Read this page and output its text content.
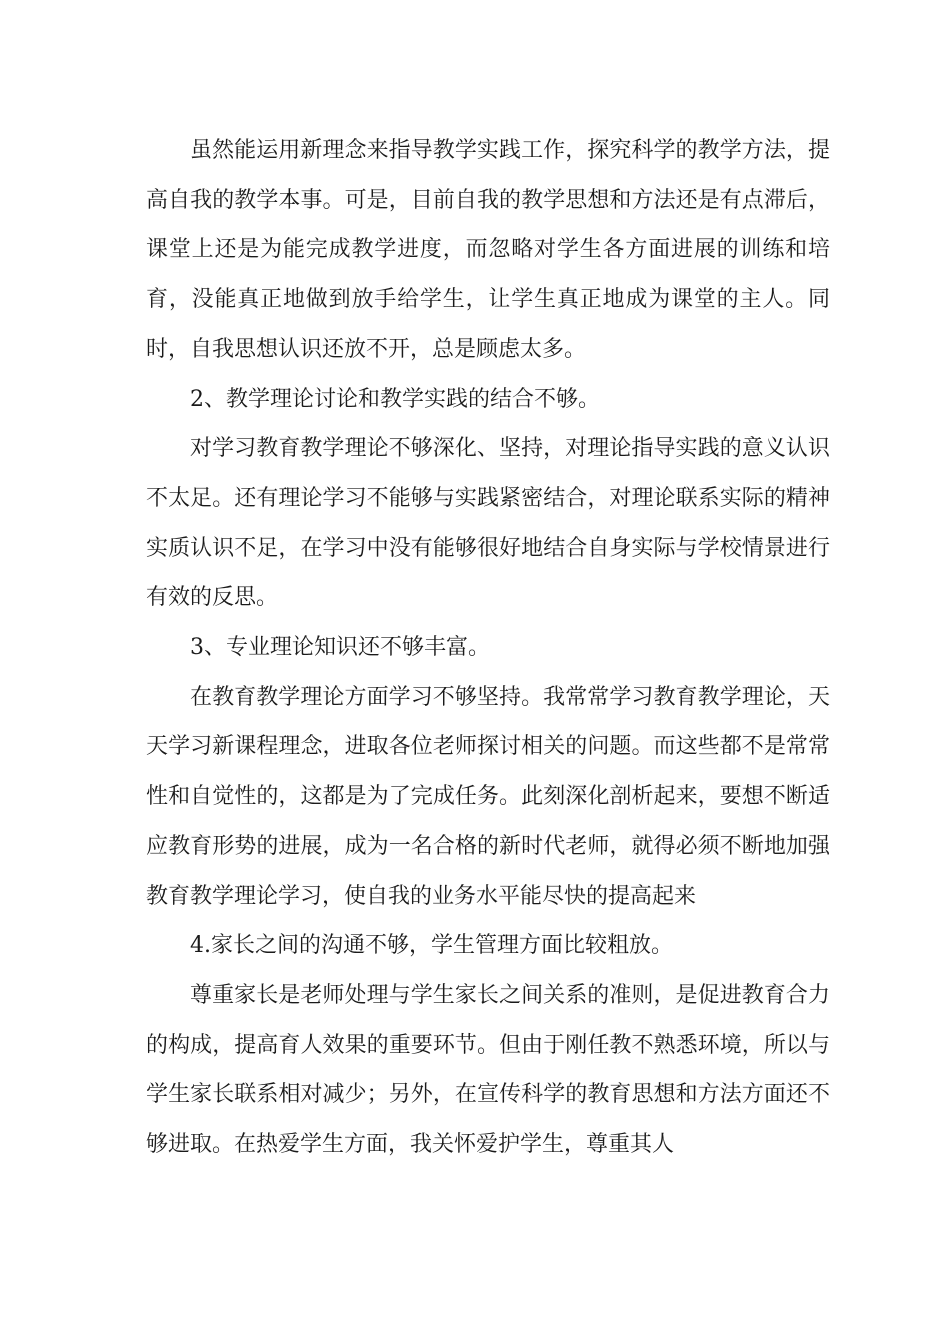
虽然能运用新理念来指导教学实践工作，探究科学的教学方法，提高自我的教学本事。可是，目前自我的教学思想和方法还是有点滞后，课堂上还是为能完成教学进度，而忽略对学生各方面进展的训练和培育，没能真正地做到放手给学生，让学生真正地成为课堂的主人。同时，自我思想认识还放不开，总是顾虑太多。

2、教学理论讨论和教学实践的结合不够。

对学习教育教学理论不够深化、坚持，对理论指导实践的意义认识不太足。还有理论学习不能够与实践紧密结合，对理论联系实际的精神实质认识不足，在学习中没有能够很好地结合自身实际与学校情景进行有效的反思。

3、专业理论知识还不够丰富。

在教育教学理论方面学习不够坚持。我常常学习教育教学理论，天天学习新课程理念，进取各位老师探讨相关的问题。而这些都不是常常性和自觉性的，这都是为了完成任务。此刻深化剖析起来，要想不断适应教育形势的进展，成为一名合格的新时代老师，就得必须不断地加强教育教学理论学习，使自我的业务水平能尽快的提高起来

4.家长之间的沟通不够，学生管理方面比较粗放。

尊重家长是老师处理与学生家长之间关系的准则，是促进教育合力的构成，提高育人效果的重要环节。但由于刚任教不熟悉环境，所以与学生家长联系相对减少；另外，在宣传科学的教育思想和方法方面还不够进取。在热爱学生方面，我关怀爱护学生，尊重其人
